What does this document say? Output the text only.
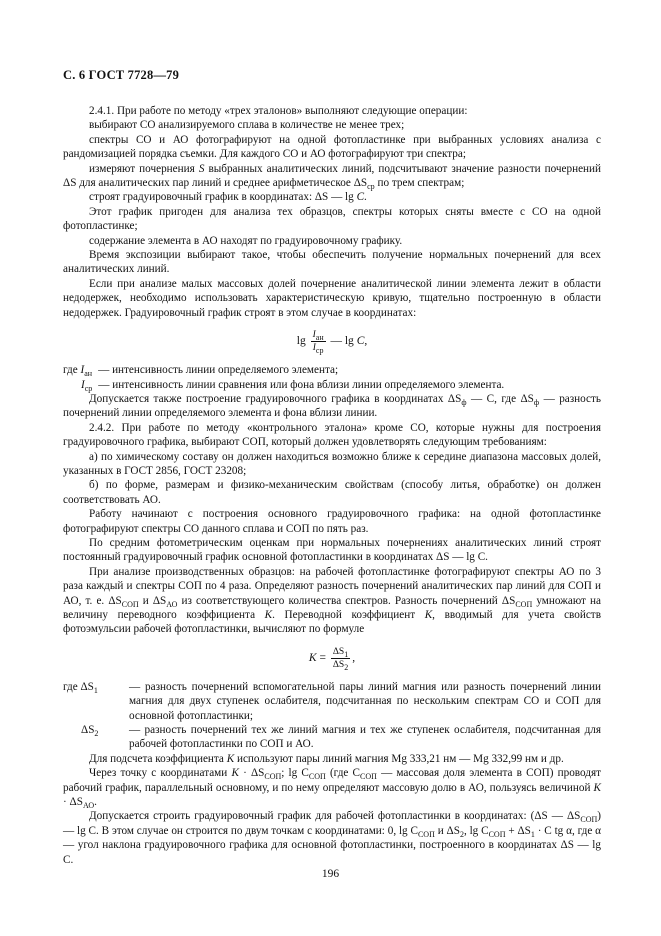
С. 6 ГОСТ 7728—79

2.4.1. При работе по методу «трех эталонов» выполняют следующие операции:

выбирают СО анализируемого сплава в количестве не менее трех;

спектры СО и АО фотографируют на одной фотопластинке при выбранных условиях анализа с рандомизацией порядка съемки. Для каждого СО и АО фотографируют три спектра;

измеряют почернения S выбранных аналитических линий, подсчитывают значение разности почернений ΔS для аналитических пар линий и среднее арифметическое $\Delta S_{ср}$ по трем спектрам;

строят градуировочный график в координатах: ΔS — lg C.

Этот график пригоден для анализа тех образцов, спектры которых сняты вместе с СО на одной фотопластинке;

содержание элемента в АО находят по градуировочному графику.

Время экспозиции выбирают такое, чтобы обеспечить получение нормальных почернений для всех аналитических линий.

Если при анализе малых массовых долей почернение аналитической линии элемента лежит в области недодержек, необходимо использовать характеристическую кривую, тщательно построенную в области недодержек. Градуировочный график строят в этом случае в координатах:

$\lg \frac{I_{ан}}{I_{ср}}$ — lg C,
где $I_{ан}$ — интенсивность линии определяемого элемента;
$I_{ср}$ — интенсивность линии сравнения или фона вблизи линии определяемого элемента.

Допускается также построение градуировочного графика в координатах $\Delta S_ф$ — C, где $\Delta S_ф$ — разность почернений линии определяемого элемента и фона вблизи линии.

2.4.2. При работе по методу «контрольного эталона» кроме СО, которые нужны для построения градуировочного графика, выбирают СОП, который должен удовлетворять следующим требованиям:

а) по химическому составу он должен находиться возможно ближе к середине диапазона массовых долей, указанных в ГОСТ 2856, ГОСТ 23208;

б) по форме, размерам и физико-механическим свойствам (способу литья, обработке) он должен соответствовать АО.

Работу начинают с построения основного градуировочного графика: на одной фотопластинке фотографируют спектры СО данного сплава и СОП по пять раз.

По средним фотометрическим оценкам при нормальных почернениях аналитических линий строят постоянный градуировочный график основной фотопластинки в координатах ΔS — lg C.

При анализе производственных образцов: на рабочей фотопластинке фотографируют спектры АО по 3 раза каждый и спектры СОП по 4 раза. Определяют разность почернений аналитических пар линий для СОП и АО, т. е. $\Delta S_{СОП}$ и $\Delta S_{АО}$ из соответствующего количества спектров. Разность почернений $\Delta S_{СОП}$ умножают на величину переводного коэффициента K. Переводной коэффициент K, вводимый для учета свойств фотоэмульсии рабочей фотопластинки, вычисляют по формуле

$K = \frac{\Delta S_1}{\Delta S_2}$ ,
где $\Delta S_1$	— разность почернений вспомогательной пары линий магния или разность почернений линии магния для двух ступенек ослабителя, подсчитанная по нескольким спектрам СО и СОП для основной фотопластинки;
$\Delta S_2$	— разность почернений тех же линий магния и тех же ступенек ослабителя, подсчитанная для рабочей фотопластинки по СОП и АО.

Для подсчета коэффициента K используют пары линий магния Mg 333,21 нм — Mg 332,99 нм и др.

Через точку с координатами $K \cdot \Delta S_{СОП}$; $\lg C_{СОП}$ (где $C_{СОП}$ — массовая доля элемента в СОП) проводят рабочий график, параллельный основному, и по нему определяют массовую долю в АО, пользуясь величиной $K \cdot \Delta S_{АО}$.

Допускается строить градуировочный график для рабочей фотопластинки в координатах: (ΔS — $\Delta S_{СОП}$) — lg C. В этом случае он строится по двум точкам с координатами: 0, $\lg C_{СОП}$ и $\Delta S_2$, $\lg C_{СОП} + \Delta S_1 \cdot C$ tg α, где α — угол наклона градуировочного графика для основной фотопластинки, построенного в координатах ΔS — lg C.

196
